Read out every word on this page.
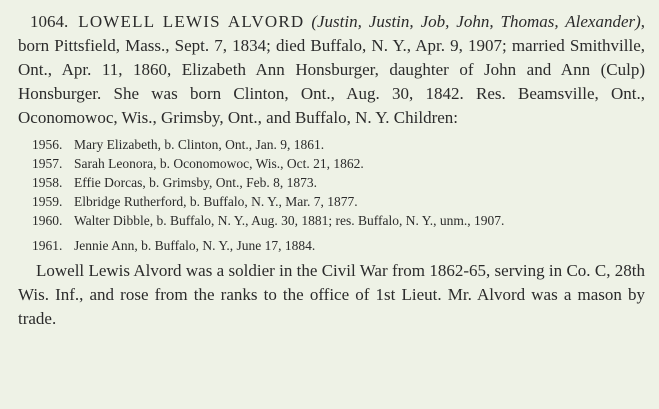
1064. LOWELL LEWIS ALVORD (Justin, Justin, Job, John, Thomas, Alexander), born Pittsfield, Mass., Sept. 7, 1834; died Buffalo, N. Y., Apr. 9, 1907; married Smithville, Ont., Apr. 11, 1860, Elizabeth Ann Honsburger, daughter of John and Ann (Culp) Honsburger. She was born Clinton, Ont., Aug. 30, 1842. Res. Beamsville, Ont., Oconomowoc, Wis., Grimsby, Ont., and Buffalo, N. Y. Children:

1956. Mary Elizabeth, b. Clinton, Ont., Jan. 9, 1861.
1957. Sarah Leonora, b. Oconomowoc, Wis., Oct. 21, 1862.
1958. Effie Dorcas, b. Grimsby, Ont., Feb. 8, 1873.
1959. Elbridge Rutherford, b. Buffalo, N. Y., Mar. 7, 1877.
1960. Walter Dibble, b. Buffalo, N. Y., Aug. 30, 1881; res. Buffalo, N. Y., unm., 1907.
1961. Jennie Ann, b. Buffalo, N. Y., June 17, 1884.

Lowell Lewis Alvord was a soldier in the Civil War from 1862-65, serving in Co. C, 28th Wis. Inf., and rose from the ranks to the office of 1st Lieut. Mr. Alvord was a mason by trade.
